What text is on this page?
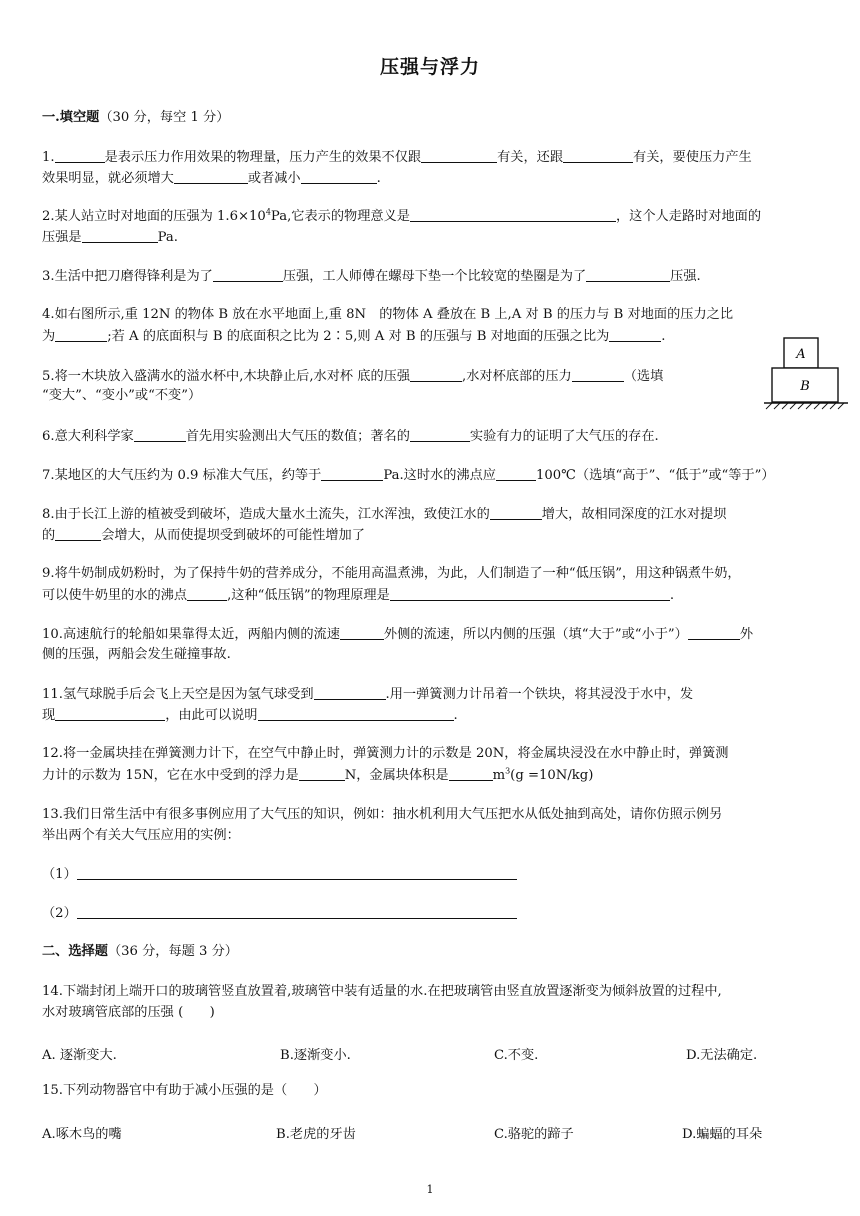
压强与浮力
一.填空题（30 分，每空 1 分）
1.	是表示压力作用效果的物理量，压力产生的效果不仅跟	有关，还跟	有关，要使压力产生
效果明显，就必须增大	或者减小	.
2.某人站立时对地面的压强为 $1.6\times 10^4Pa$,它表示的物理意义是	，这个人走路时对地面的
压强是	Pa.
3.生活中把刀磨得锋利是为了	压强，工人师傅在螺母下垫一个比较宽的垫圈是为了	压强.
4.如右图所示,重 12N 的物体 B 放在水平地面上,重 8N　的物体 A 叠放在 B 上,A 对 B 的压力与 B 对地面的压力之比
为	;若 A 的底面积与 B 的底面积之比为 2∶5,则 A 对 B 的压强与 B 对地面的压强之比为	.
5.将一木块放入盛满水的溢水杯中,木块静止后,水对杯 底的压强	,水对杯底部的压力	（选填
“变大”、“变小”或“不变”）
A
B
6.意大利科学家	首先用实验测出大气压的数值；著名的	实验有力的证明了大气压的存在.
7.某地区的大气压约为 0.9 标准大气压，约等于	Pa.这时水的沸点应	100℃（选填“高于”、“低于”或“等于”）
8.由于长江上游的植被受到破坏，造成大量水土流失，江水浑浊，致使江水的	增大，故相同深度的江水对提坝
的	会增大，从而使提坝受到破坏的可能性增加了
9.将牛奶制成奶粉时，为了保持牛奶的营养成分，不能用高温煮沸，为此，人们制造了一种“低压锅”，用这种锅煮牛奶，
可以使牛奶里的水的沸点	,这种“低压锅”的物理原理是	.
10.高速航行的轮船如果靠得太近，两船内侧的流速	外侧的流速，所以内侧的压强（填“大于”或“小于”）	外
侧的压强，两船会发生碰撞事故.
11.氢气球脱手后会飞上天空是因为氢气球受到	.用一弹簧测力计吊着一个铁块，将其浸没于水中，发
现	，由此可以说明	.
12.将一金属块挂在弹簧测力计下，在空气中静止时，弹簧测力计的示数是 20N，将金属块浸没在水中静止时，弹簧测
力计的示数为 15N，它在水中受到的浮力是	N，金属块体积是	$m^3(g =10N/kg)$
13.我们日常生活中有很多事例应用了大气压的知识，例如：抽水机利用大气压把水从低处抽到高处，请你仿照示例另
举出两个有关大气压应用的实例：
（1）
（2）
二、选择题（36 分，每题 3 分）
14.下端封闭上端开口的玻璃管竖直放置着,玻璃管中装有适量的水.在把玻璃管由竖直放置逐渐变为倾斜放置的过程中,
水对玻璃管底部的压强 (　　)
A. 逐渐变大.	B.逐渐变小.	C.不变.	D.无法确定.
15.下列动物器官中有助于减小压强的是（　　）
A.啄木鸟的嘴	B.老虎的牙齿	C.骆驼的蹄子	D.蝙蝠的耳朵
1
